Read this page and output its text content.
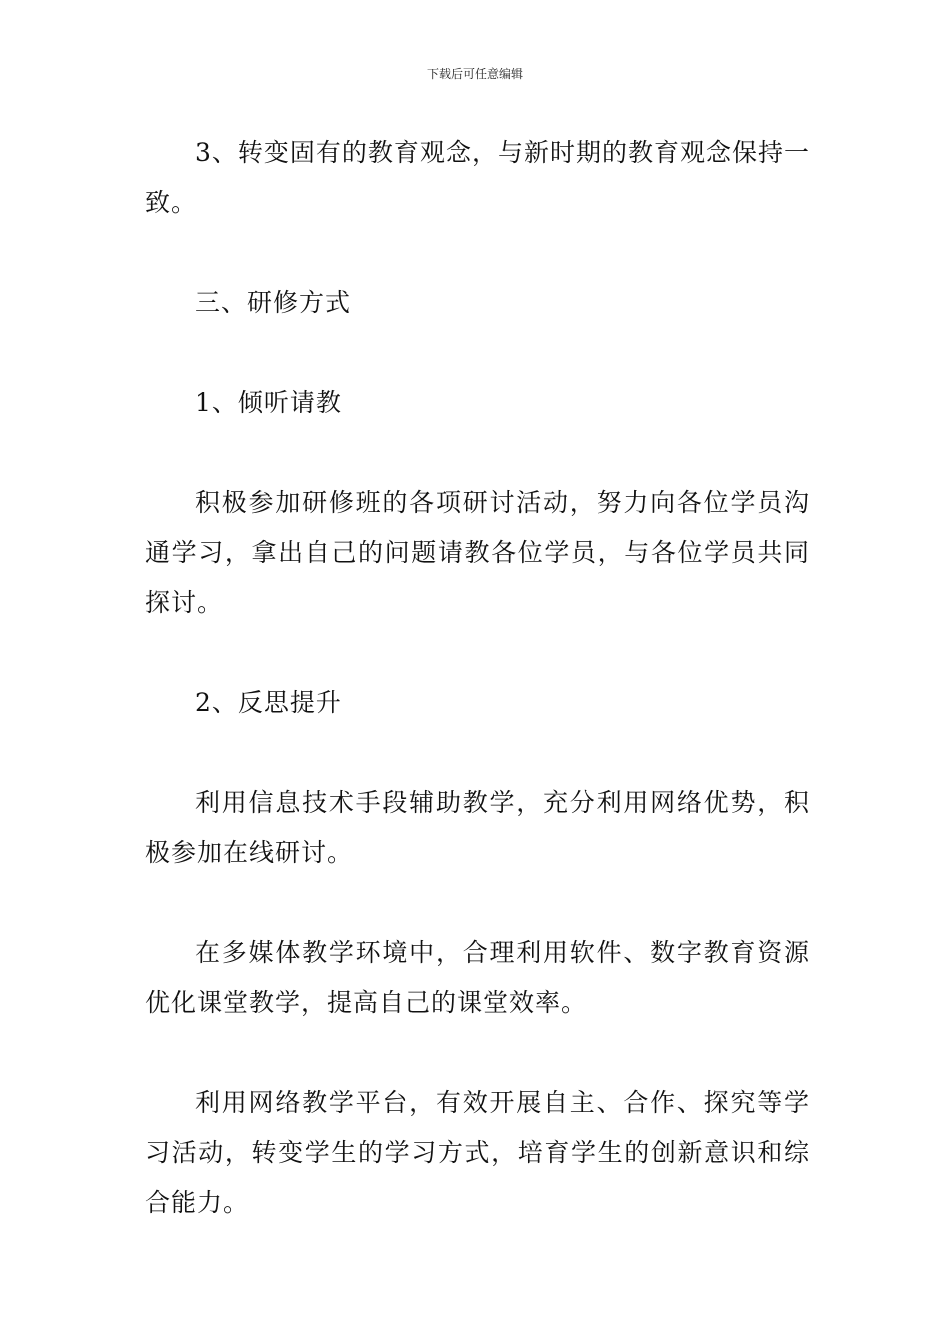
下载后可任意编辑

3、转变固有的教育观念，与新时期的教育观念保持一致。

三、研修方式

1、倾听请教

积极参加研修班的各项研讨活动，努力向各位学员沟通学习，拿出自己的问题请教各位学员，与各位学员共同探讨。

2、反思提升

利用信息技术手段辅助教学，充分利用网络优势，积极参加在线研讨。

在多媒体教学环境中，合理利用软件、数字教育资源优化课堂教学，提高自己的课堂效率。

利用网络教学平台，有效开展自主、合作、探究等学习活动，转变学生的学习方式，培育学生的创新意识和综合能力。
